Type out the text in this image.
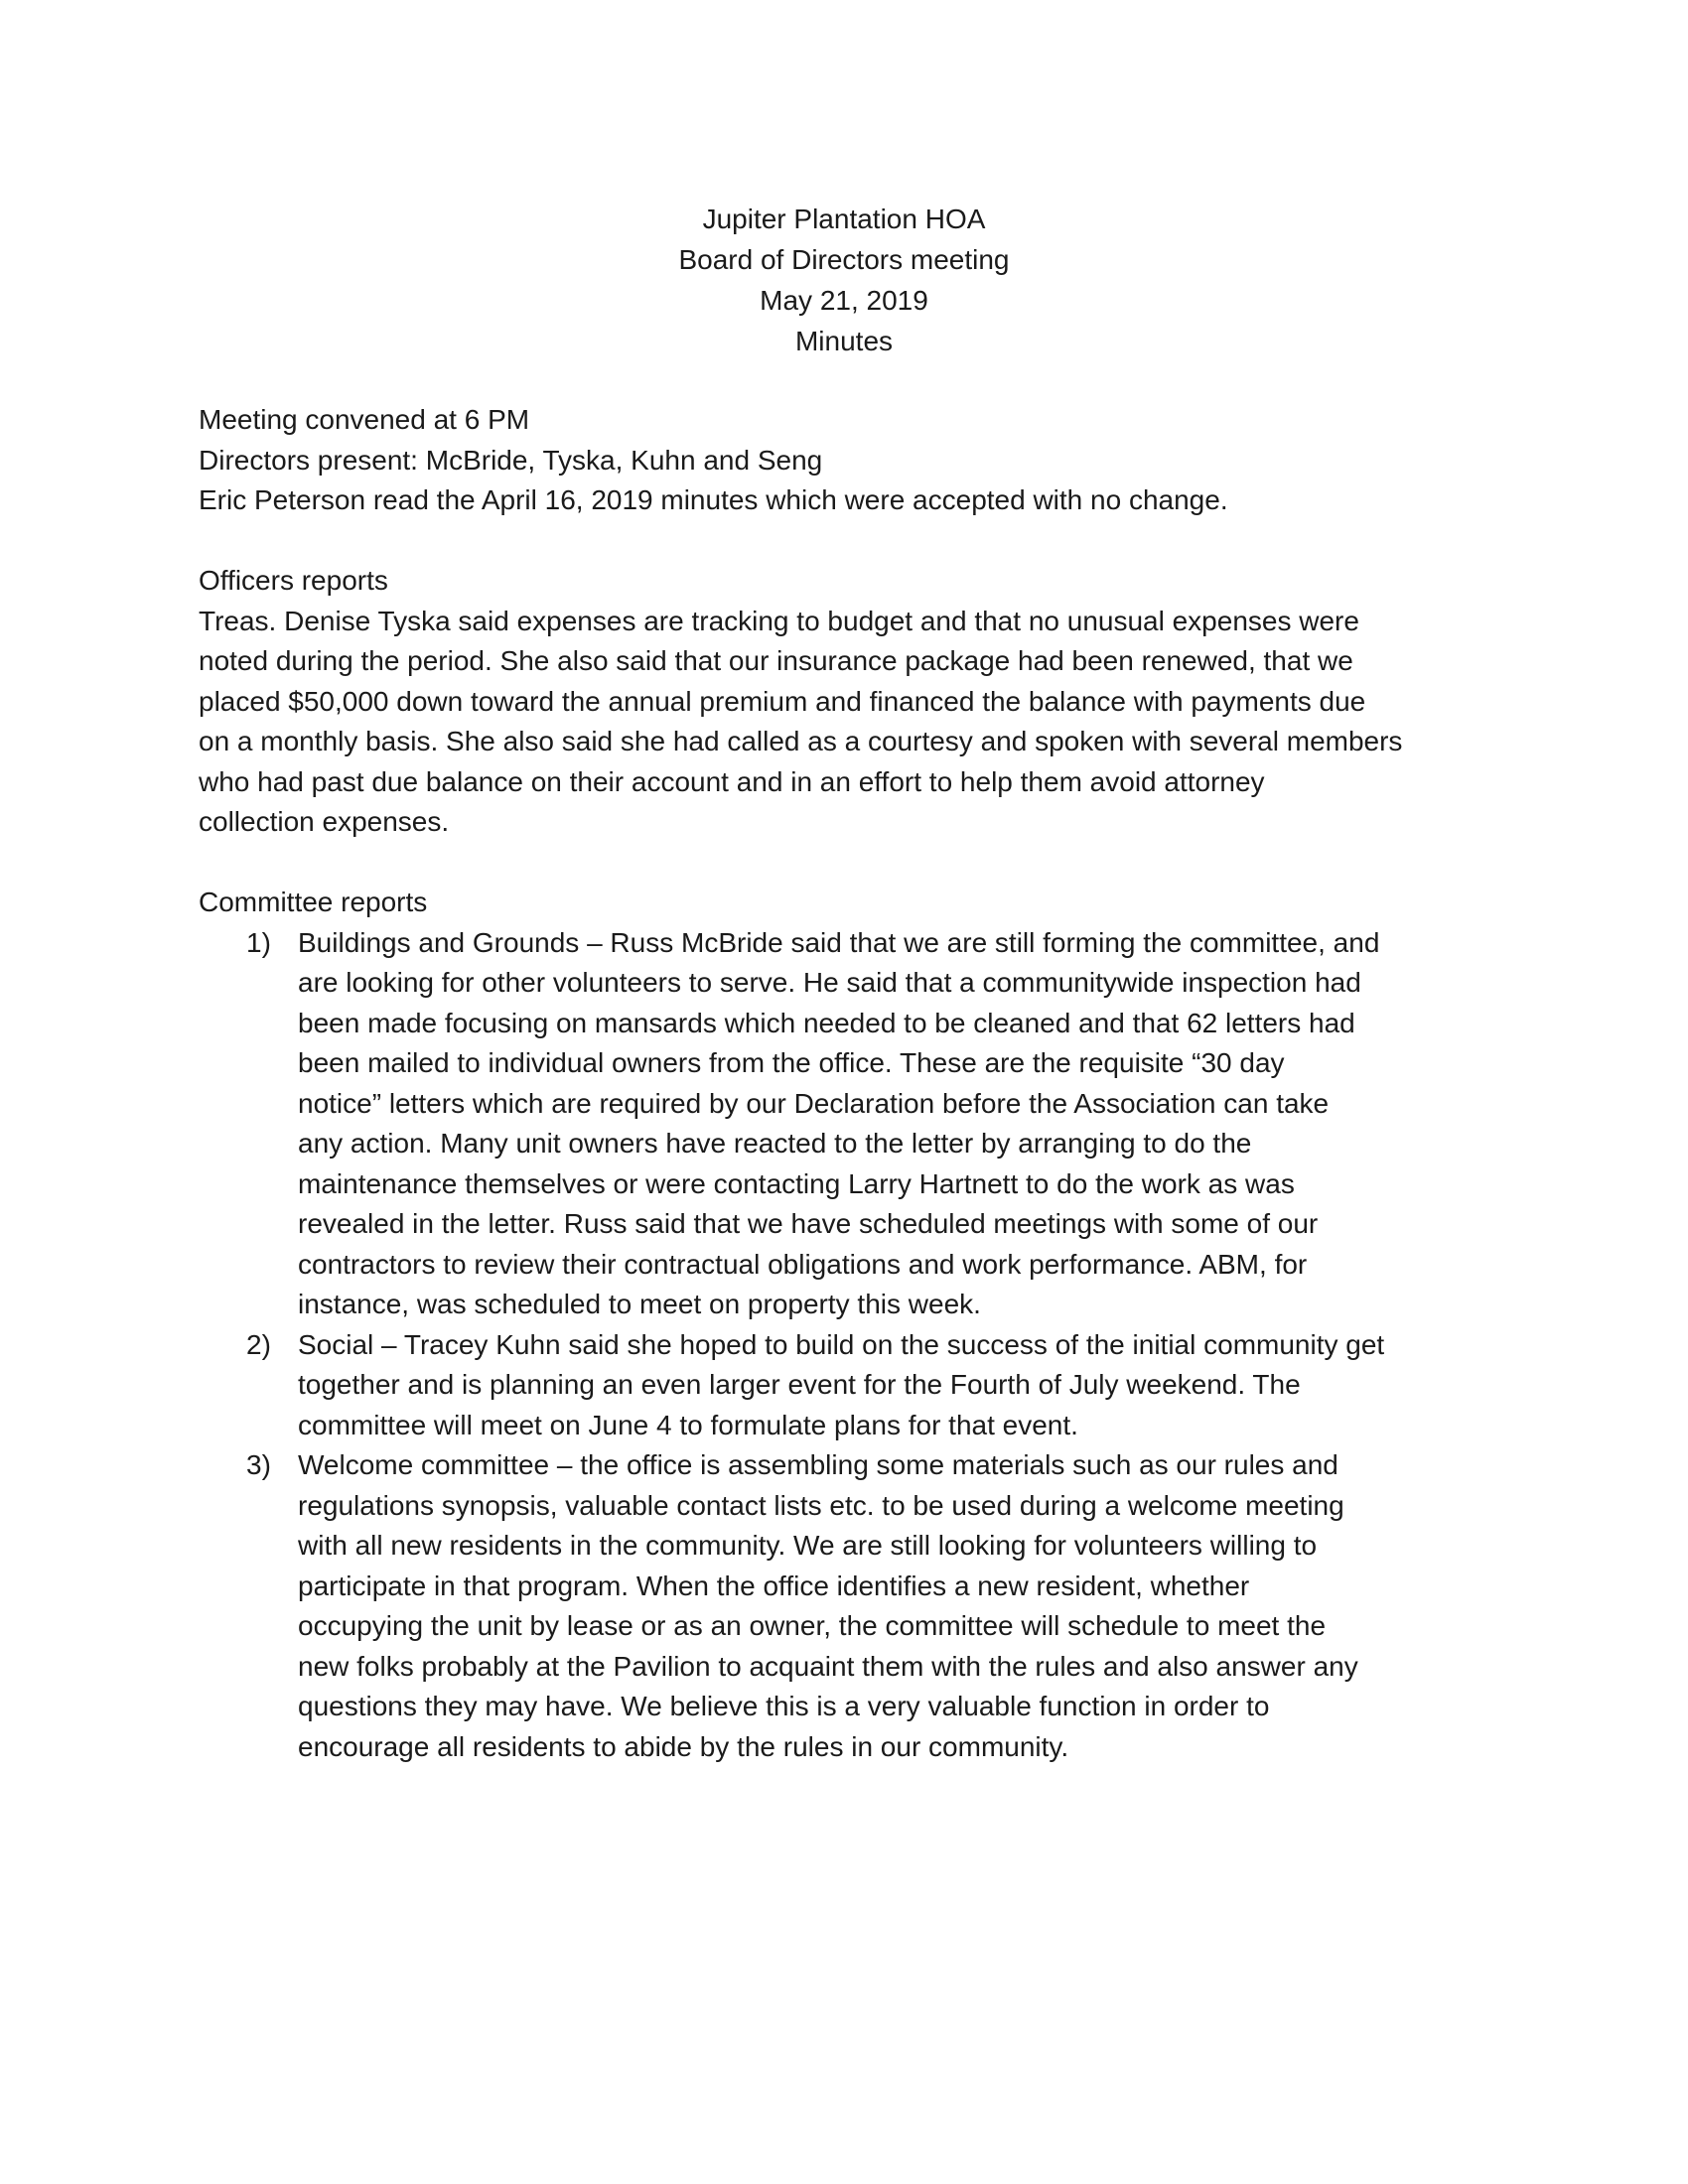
Jupiter Plantation HOA
Board of Directors meeting
May 21, 2019
Minutes
Meeting convened at 6 PM
Directors present: McBride, Tyska, Kuhn and Seng
Eric Peterson read the April 16, 2019 minutes which were accepted with no change.
Officers reports
Treas. Denise Tyska said expenses are tracking to budget and that no unusual expenses were
noted during the period. She also said that our insurance package had been renewed, that we
placed $50,000 down toward the annual premium and financed the balance with payments due
on a monthly basis. She also said she had called as a courtesy and spoken with several members
who had past due balance on their account and in an effort to help them avoid attorney
collection expenses.
Committee reports
1) Buildings and Grounds – Russ McBride said that we are still forming the committee, and
are looking for other volunteers to serve. He said that a communitywide inspection had
been made focusing on mansards which needed to be cleaned and that 62 letters had
been mailed to individual owners from the office. These are the requisite “30 day
notice” letters which are required by our Declaration before the Association can take
any action. Many unit owners have reacted to the letter by arranging to do the
maintenance themselves or were contacting Larry Hartnett to do the work as was
revealed in the letter. Russ said that we have scheduled meetings with some of our
contractors to review their contractual obligations and work performance. ABM, for
instance, was scheduled to meet on property this week.
2) Social – Tracey Kuhn said she hoped to build on the success of the initial community get
together and is planning an even larger event for the Fourth of July weekend. The
committee will meet on June 4 to formulate plans for that event.
3) Welcome committee – the office is assembling some materials such as our rules and
regulations synopsis, valuable contact lists etc. to be used during a welcome meeting
with all new residents in the community. We are still looking for volunteers willing to
participate in that program. When the office identifies a new resident, whether
occupying the unit by lease or as an owner, the committee will schedule to meet the
new folks probably at the Pavilion to acquaint them with the rules and also answer any
questions they may have. We believe this is a very valuable function in order to
encourage all residents to abide by the rules in our community.
